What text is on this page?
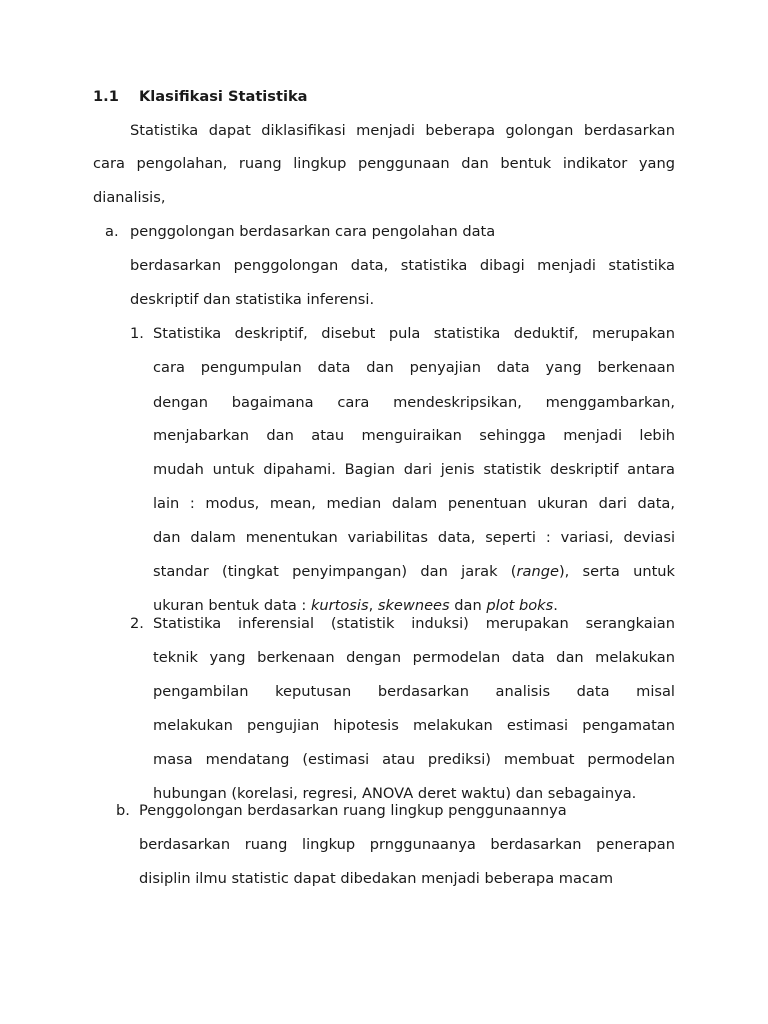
1.1 Klasifikasi Statistika
Statistika dapat diklasifikasi menjadi beberapa golongan berdasarkan
cara pengolahan, ruang lingkup penggunaan dan bentuk indikator yang
dianalisis,
a. penggolongan berdasarkan cara pengolahan data
berdasarkan penggolongan data, statistika dibagi menjadi statistika
deskriptif dan statistika inferensi.
1. Statistika deskriptif, disebut pula statistika deduktif, merupakan
cara pengumpulan data dan penyajian data yang berkenaan
dengan bagaimana cara mendeskripsikan, menggambarkan,
menjabarkan dan atau menguiraikan sehingga menjadi lebih
mudah untuk dipahami. Bagian dari jenis statistik deskriptif antara
lain : modus, mean, median dalam penentuan ukuran dari data,
dan dalam menentukan variabilitas data, seperti : variasi, deviasi
standar (tingkat penyimpangan) dan jarak (range), serta untuk
ukuran bentuk data : kurtosis, skewnees dan plot boks.
2. Statistika inferensial (statistik induksi) merupakan serangkaian
teknik yang berkenaan dengan permodelan data dan melakukan
pengambilan keputusan berdasarkan analisis data misal
melakukan pengujian hipotesis melakukan estimasi pengamatan
masa mendatang (estimasi atau prediksi) membuat permodelan
hubungan (korelasi, regresi, ANOVA deret waktu) dan sebagainya.
b. Penggolongan berdasarkan ruang lingkup penggunaannya
berdasarkan ruang lingkup prnggunaanya berdasarkan penerapan
disiplin ilmu statistic dapat dibedakan menjadi beberapa macam
